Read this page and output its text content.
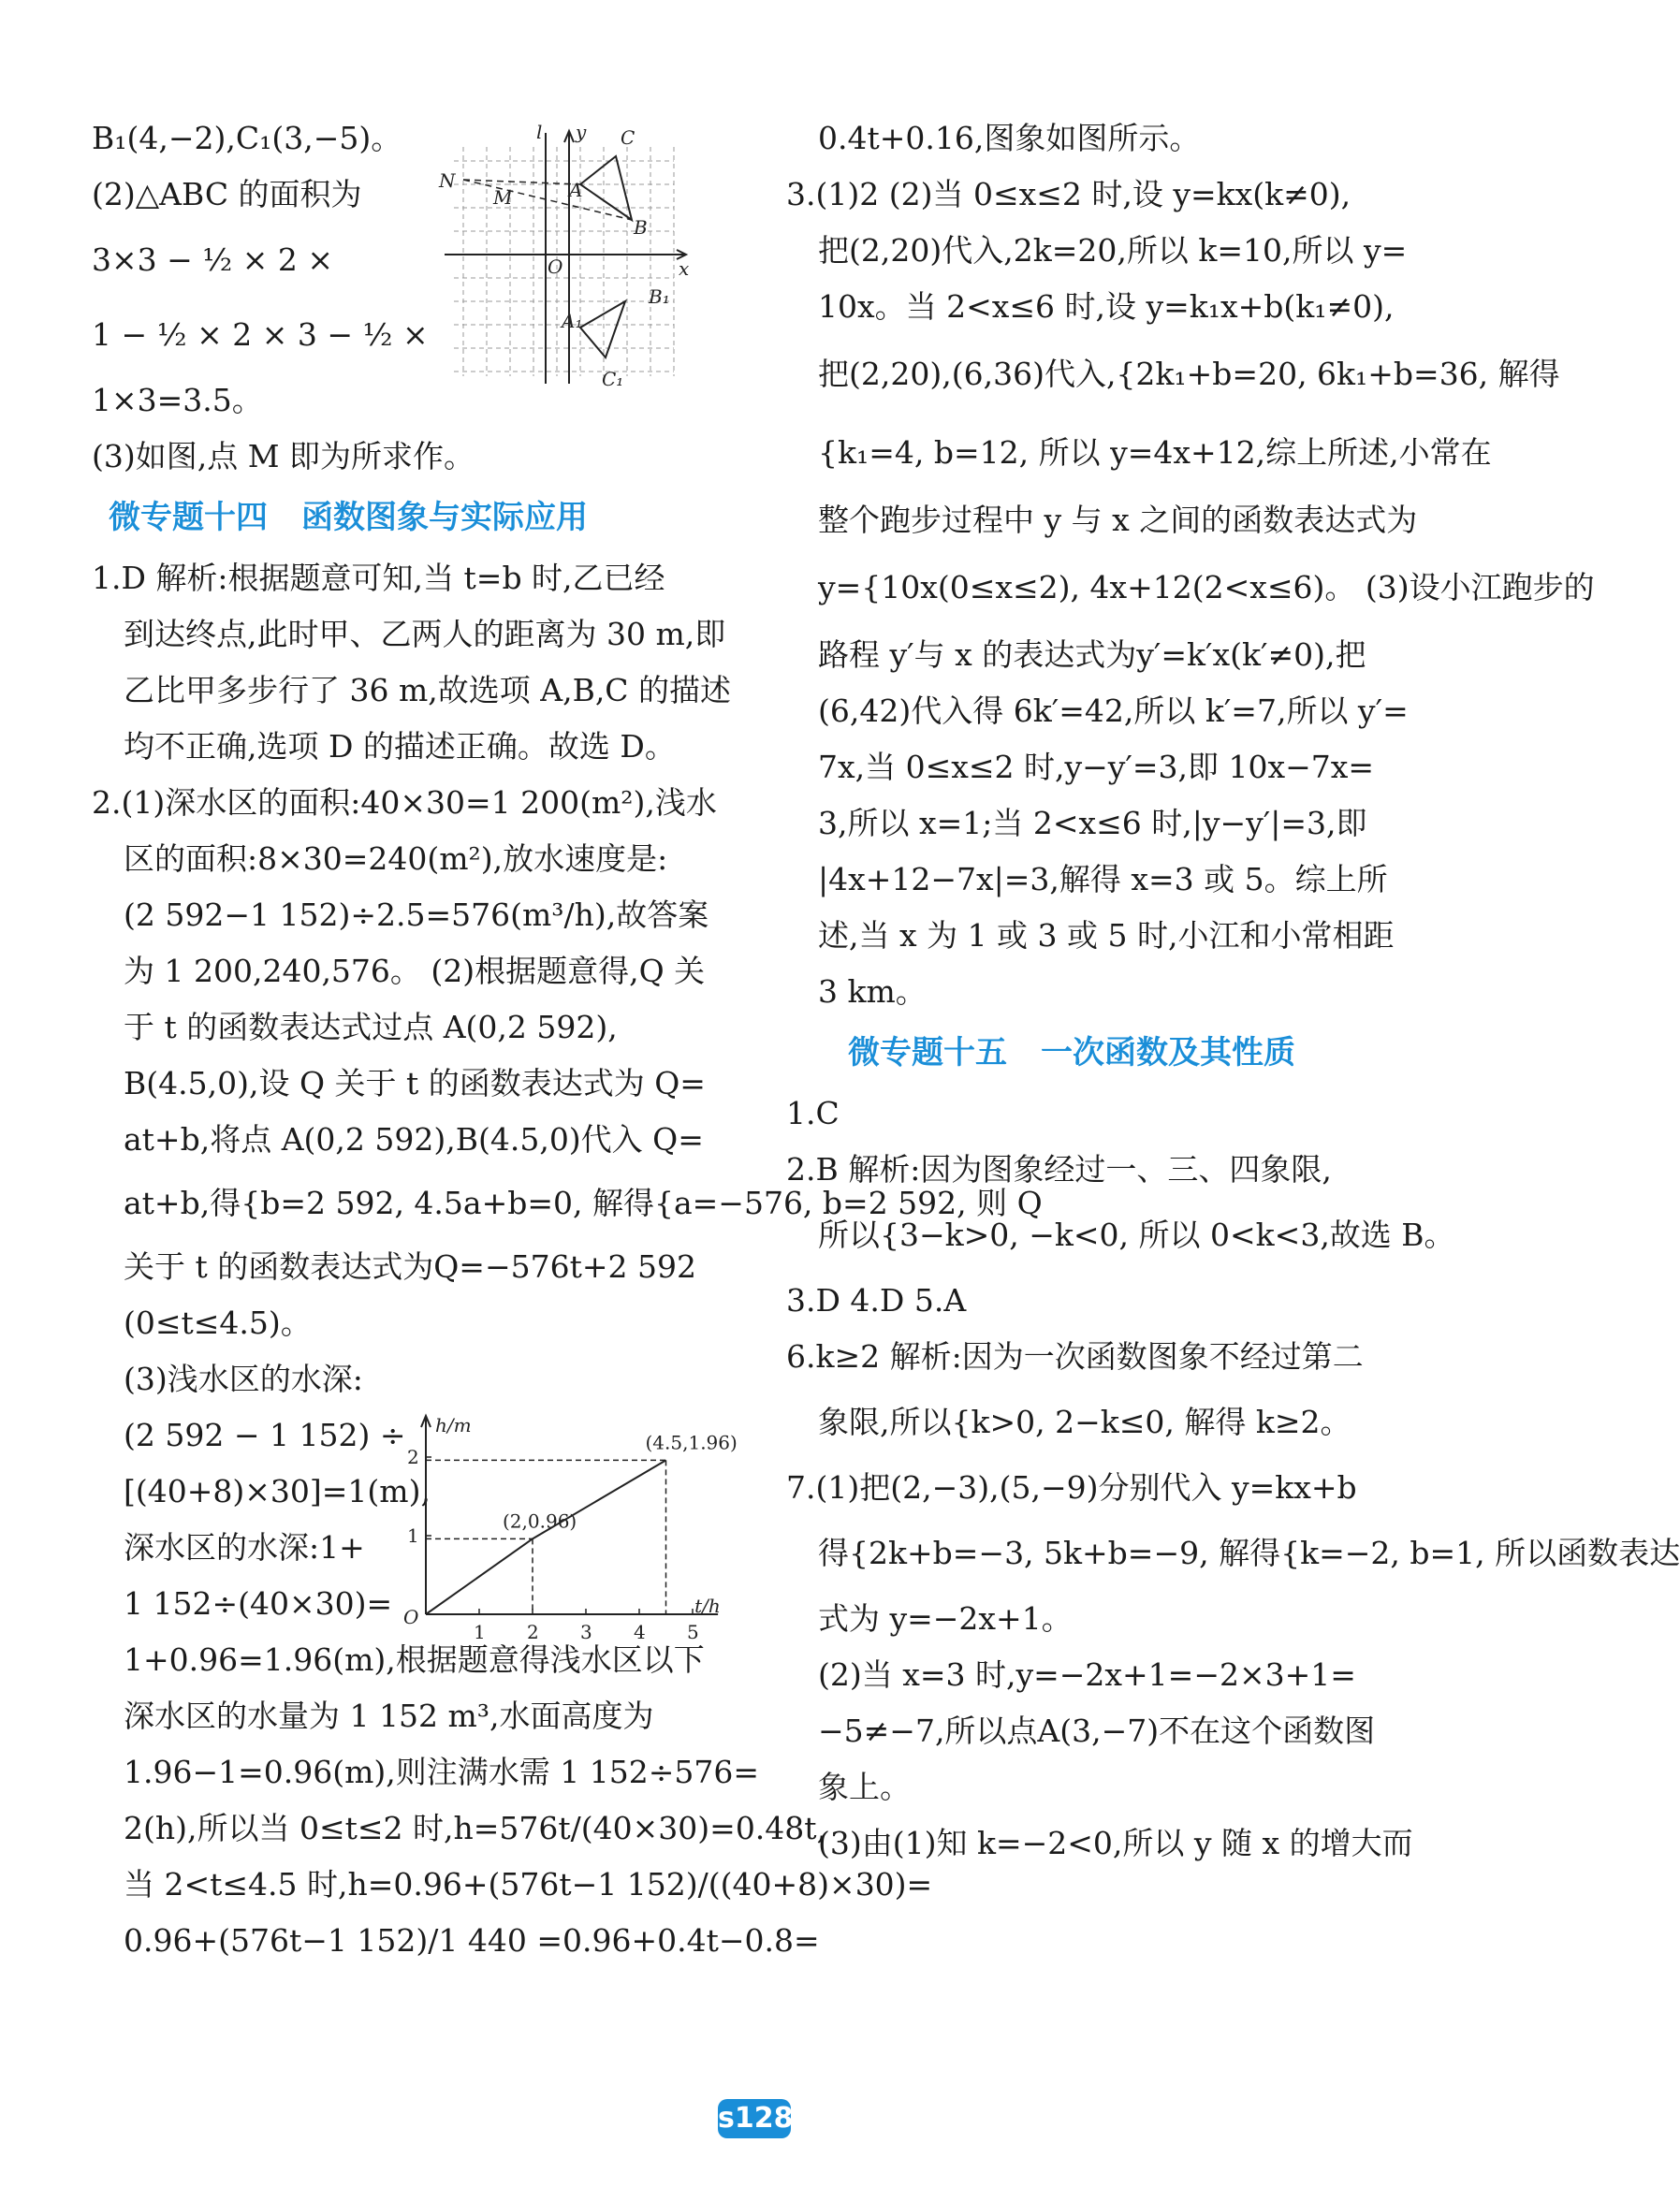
B₁(4,−2),C₁(3,−5)。

(2)△ABC 的面积为

3×3 − ½ × 2 ×

1 − ½ × 2 × 3 − ½ ×

1×3=3.5。

(3)如图,点 M 即为所求作。

微专题十四 函数图象与实际应用

1.D 解析:根据题意可知,当 t=b 时,乙已经

到达终点,此时甲、乙两人的距离为 30 m,即

乙比甲多步行了 36 m,故选项 A,B,C 的描述

均不正确,选项 D 的描述正确。故选 D。

2.(1)深水区的面积:40×30=1 200(m²),浅水

区的面积:8×30=240(m²),放水速度是:

(2 592−1 152)÷2.5=576(m³/h),故答案

为 1 200,240,576。 (2)根据题意得,Q 关

于 t 的函数表达式过点 A(0,2 592),

B(4.5,0),设 Q 关于 t 的函数表达式为 Q=

at+b,将点 A(0,2 592),B(4.5,0)代入 Q=

at+b,得{b=2 592, 4.5a+b=0, 解得{a=−576, b=2 592, 则 Q

关于 t 的函数表达式为Q=−576t+2 592

(0≤t≤4.5)。

(3)浅水区的水深:

(2 592 − 1 152) ÷

[(40+8)×30]=1(m),

深水区的水深:1+

1 152÷(40×30)=

1+0.96=1.96(m),根据题意得浅水区以下

深水区的水量为 1 152 m³,水面高度为

1.96−1=0.96(m),则注满水需 1 152÷576=

2(h),所以当 0≤t≤2 时,h=576t/(40×30)=0.48t,

当 2<t≤4.5 时,h=0.96+(576t−1 152)/((40+8)×30)=

0.96+(576t−1 152)/1 440 =0.96+0.4t−0.8=

l y C
N	A
M
B
O	x
B₁
A₁
C₁
h/m
t/h
O
1 2 3 4 5
1
2
(2,0.96)
(4.5,1.96)

0.4t+0.16,图象如图所示。

3.(1)2 (2)当 0≤x≤2 时,设 y=kx(k≠0),

把(2,20)代入,2k=20,所以 k=10,所以 y=

10x。当 2<x≤6 时,设 y=k₁x+b(k₁≠0),

把(2,20),(6,36)代入,{2k₁+b=20, 6k₁+b=36, 解得

{k₁=4, b=12, 所以 y=4x+12,综上所述,小常在

整个跑步过程中 y 与 x 之间的函数表达式为

y={10x(0≤x≤2), 4x+12(2<x≤6)。 (3)设小江跑步的

路程 y′与 x 的表达式为y′=k′x(k′≠0),把

(6,42)代入得 6k′=42,所以 k′=7,所以 y′=

7x,当 0≤x≤2 时,y−y′=3,即 10x−7x=

3,所以 x=1;当 2<x≤6 时,|y−y′|=3,即

|4x+12−7x|=3,解得 x=3 或 5。综上所

述,当 x 为 1 或 3 或 5 时,小江和小常相距

3 km。

微专题十五 一次函数及其性质

1.C

2.B 解析:因为图象经过一、三、四象限,

所以{3−k>0, −k<0, 所以 0<k<3,故选 B。

3.D 4.D 5.A

6.k≥2 解析:因为一次函数图象不经过第二

象限,所以{k>0, 2−k≤0, 解得 k≥2。

7.(1)把(2,−3),(5,−9)分别代入 y=kx+b

得{2k+b=−3, 5k+b=−9, 解得{k=−2, b=1, 所以函数表达

式为 y=−2x+1。

(2)当 x=3 时,y=−2x+1=−2×3+1=

−5≠−7,所以点A(3,−7)不在这个函数图

象上。

(3)由(1)知 k=−2<0,所以 y 随 x 的增大而

s128
